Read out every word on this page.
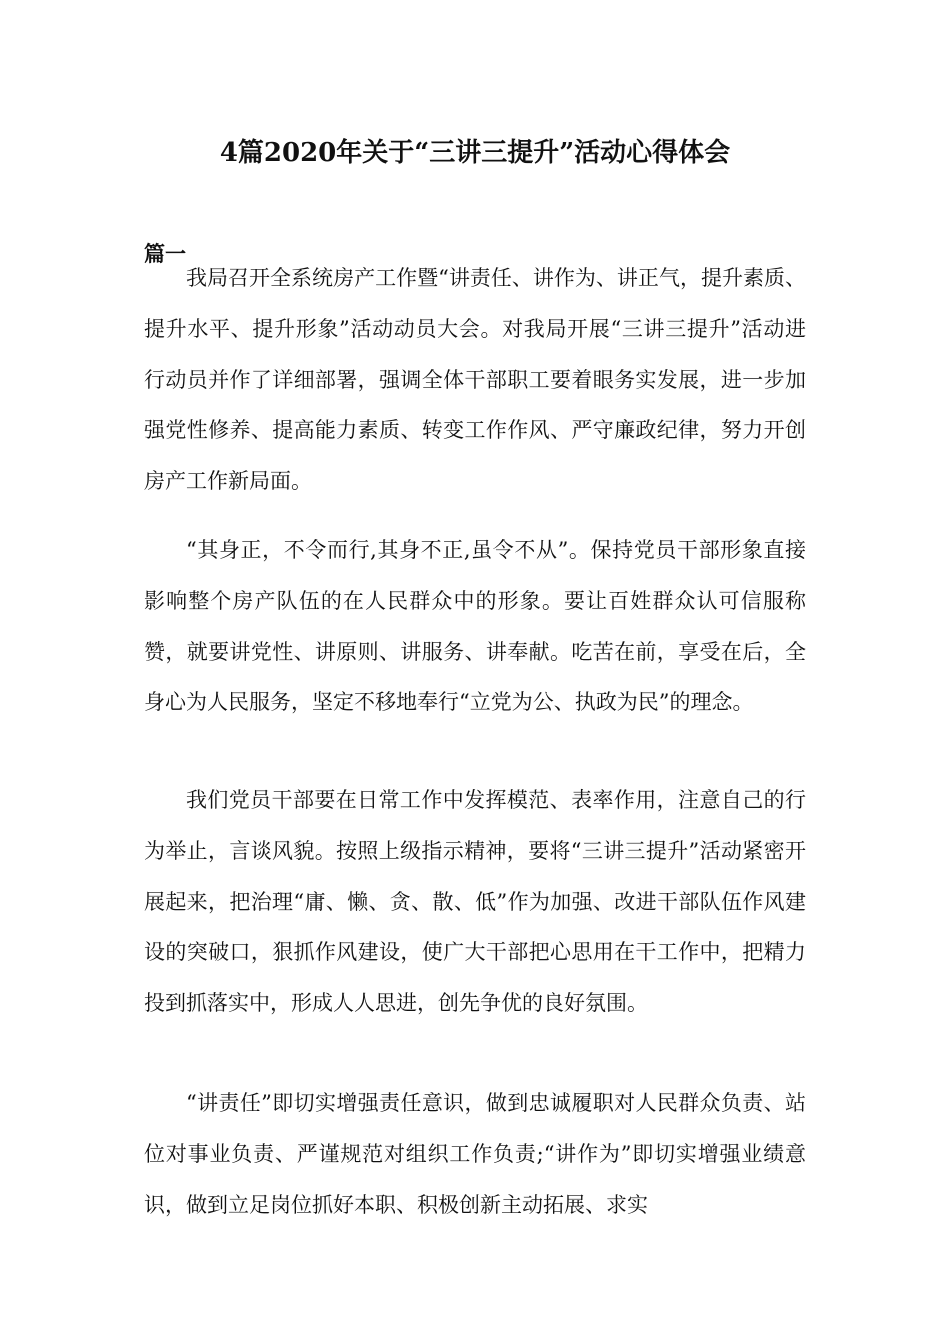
4篇2020年关于“三讲三提升”活动心得体会
篇一

我局召开全系统房产工作暨“讲责任、讲作为、讲正气，提升素质、提升水平、提升形象”活动动员大会。对我局开展“三讲三提升”活动进行动员并作了详细部署，强调全体干部职工要着眼务实发展，进一步加强党性修养、提高能力素质、转变工作作风、严守廉政纪律，努力开创房产工作新局面。

“其身正，不令而行,其身不正,虽令不从”。保持党员干部形象直接影响整个房产队伍的在人民群众中的形象。要让百姓群众认可信服称赞，就要讲党性、讲原则、讲服务、讲奉献。吃苦在前，享受在后，全身心为人民服务，坚定不移地奉行“立党为公、执政为民”的理念。

我们党员干部要在日常工作中发挥模范、表率作用，注意自己的行为举止，言谈风貌。按照上级指示精神，要将“三讲三提升”活动紧密开展起来，把治理“庸、懒、贪、散、低”作为加强、改进干部队伍作风建设的突破口，狠抓作风建设，使广大干部把心思用在干工作中，把精力投到抓落实中，形成人人思进，创先争优的良好氛围。

“讲责任”即切实增强责任意识，做到忠诚履职对人民群众负责、站位对事业负责、严谨规范对组织工作负责;“讲作为”即切实增强业绩意识，做到立足岗位抓好本职、积极创新主动拓展、求实
